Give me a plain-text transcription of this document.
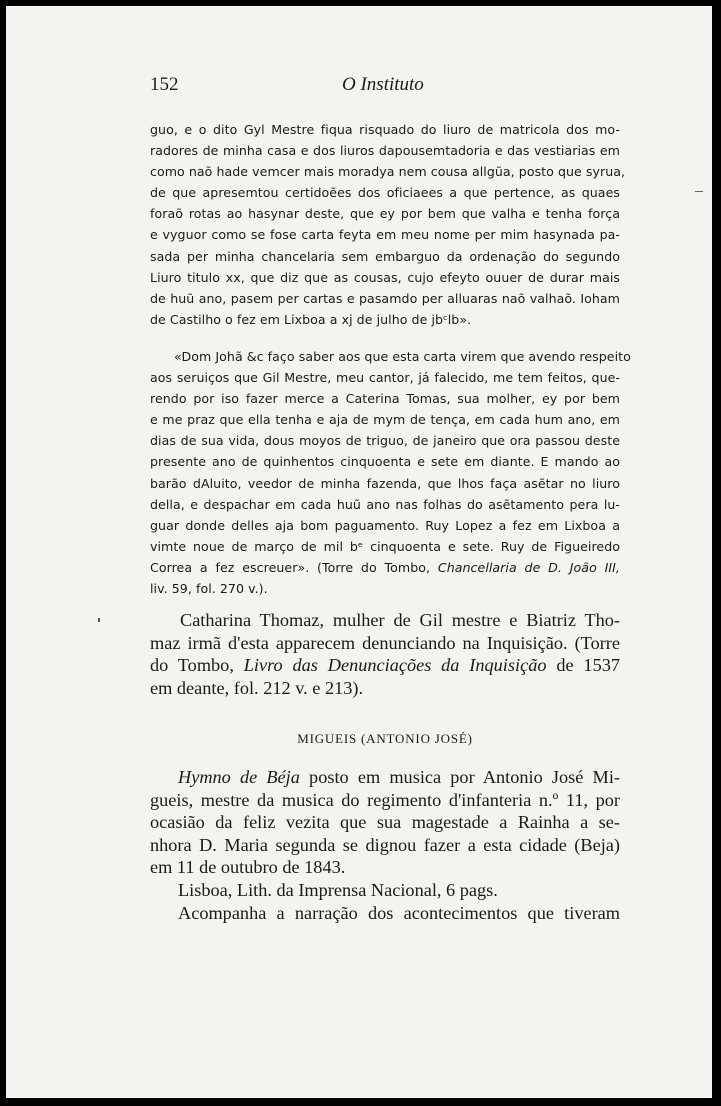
152	O Instituto
guo, e o dito Gyl Mestre fiqua risquado do liuro de matricola dos mo-
radores de minha casa e dos liuros dapousemtadoria e das vestiarias em
como naõ hade vemcer mais moradya nem cousa allgũa, posto que syrua,
de que apresemtou certidoẽes dos oficiaees a que pertence, as quaes
foraõ rotas ao hasynar deste, que ey por bem que valha e tenha força
e vyguor como se fose carta feyta em meu nome per mim hasynada pa-
sada per minha chancelaria sem embarguo da ordenação do segundo
Liuro titulo xx, que diz que as cousas, cujo efeyto ouuer de durar mais
de huũ ano, pasem per cartas e pasamdo per alluaras naõ valhaõ. Ioham
de Castilho o fez em Lixboa a xj de julho de jbᶜlb».
«Dom Johã &c faço saber aos que esta carta virem que avendo respeito
aos seruiços que Gil Mestre, meu cantor, já falecido, me tem feitos, que-
rendo por iso fazer merce a Caterina Tomas, sua molher, ey por bem
e me praz que ella tenha e aja de mym de tença, em cada hum ano, em
dias de sua vida, dous moyos de triguo, de janeiro que ora passou deste
presente ano de quinhentos cinquoenta e sete em diante. E mando ao
barão dAluito, veedor de minha fazenda, que lhos faça asẽtar no liuro
della, e despachar em cada huũ ano nas folhas do asẽtamento pera lu-
guar donde delles aja bom paguamento. Ruy Lopez a fez em Lixboa a
vimte noue de março de mil bᵉ cinquoenta e sete. Ruy de Figueiredo
Correa a fez escreuer». (Torre do Tombo, Chancellaria de D. João III,
liv. 59, fol. 270 v.).
Catharina Thomaz, mulher de Gil mestre e Biatriz Tho-
maz irmã d'esta apparecem denunciando na Inquisição. (Torre
do Tombo, Livro das Denunciações da Inquisição de 1537
em deante, fol. 212 v. e 213).
MIGUEIS (ANTONIO JOSÉ)
Hymno de Béja posto em musica por Antonio José Mi-
gueis, mestre da musica do regimento d'infanteria n.º 11, por
ocasião da feliz vezita que sua magestade a Rainha a se-
nhora D. Maria segunda se dignou fazer a esta cidade (Beja)
em 11 de outubro de 1843.
Lisboa, Lith. da Imprensa Nacional, 6 pags.
Acompanha a narração dos acontecimentos que tiveram
